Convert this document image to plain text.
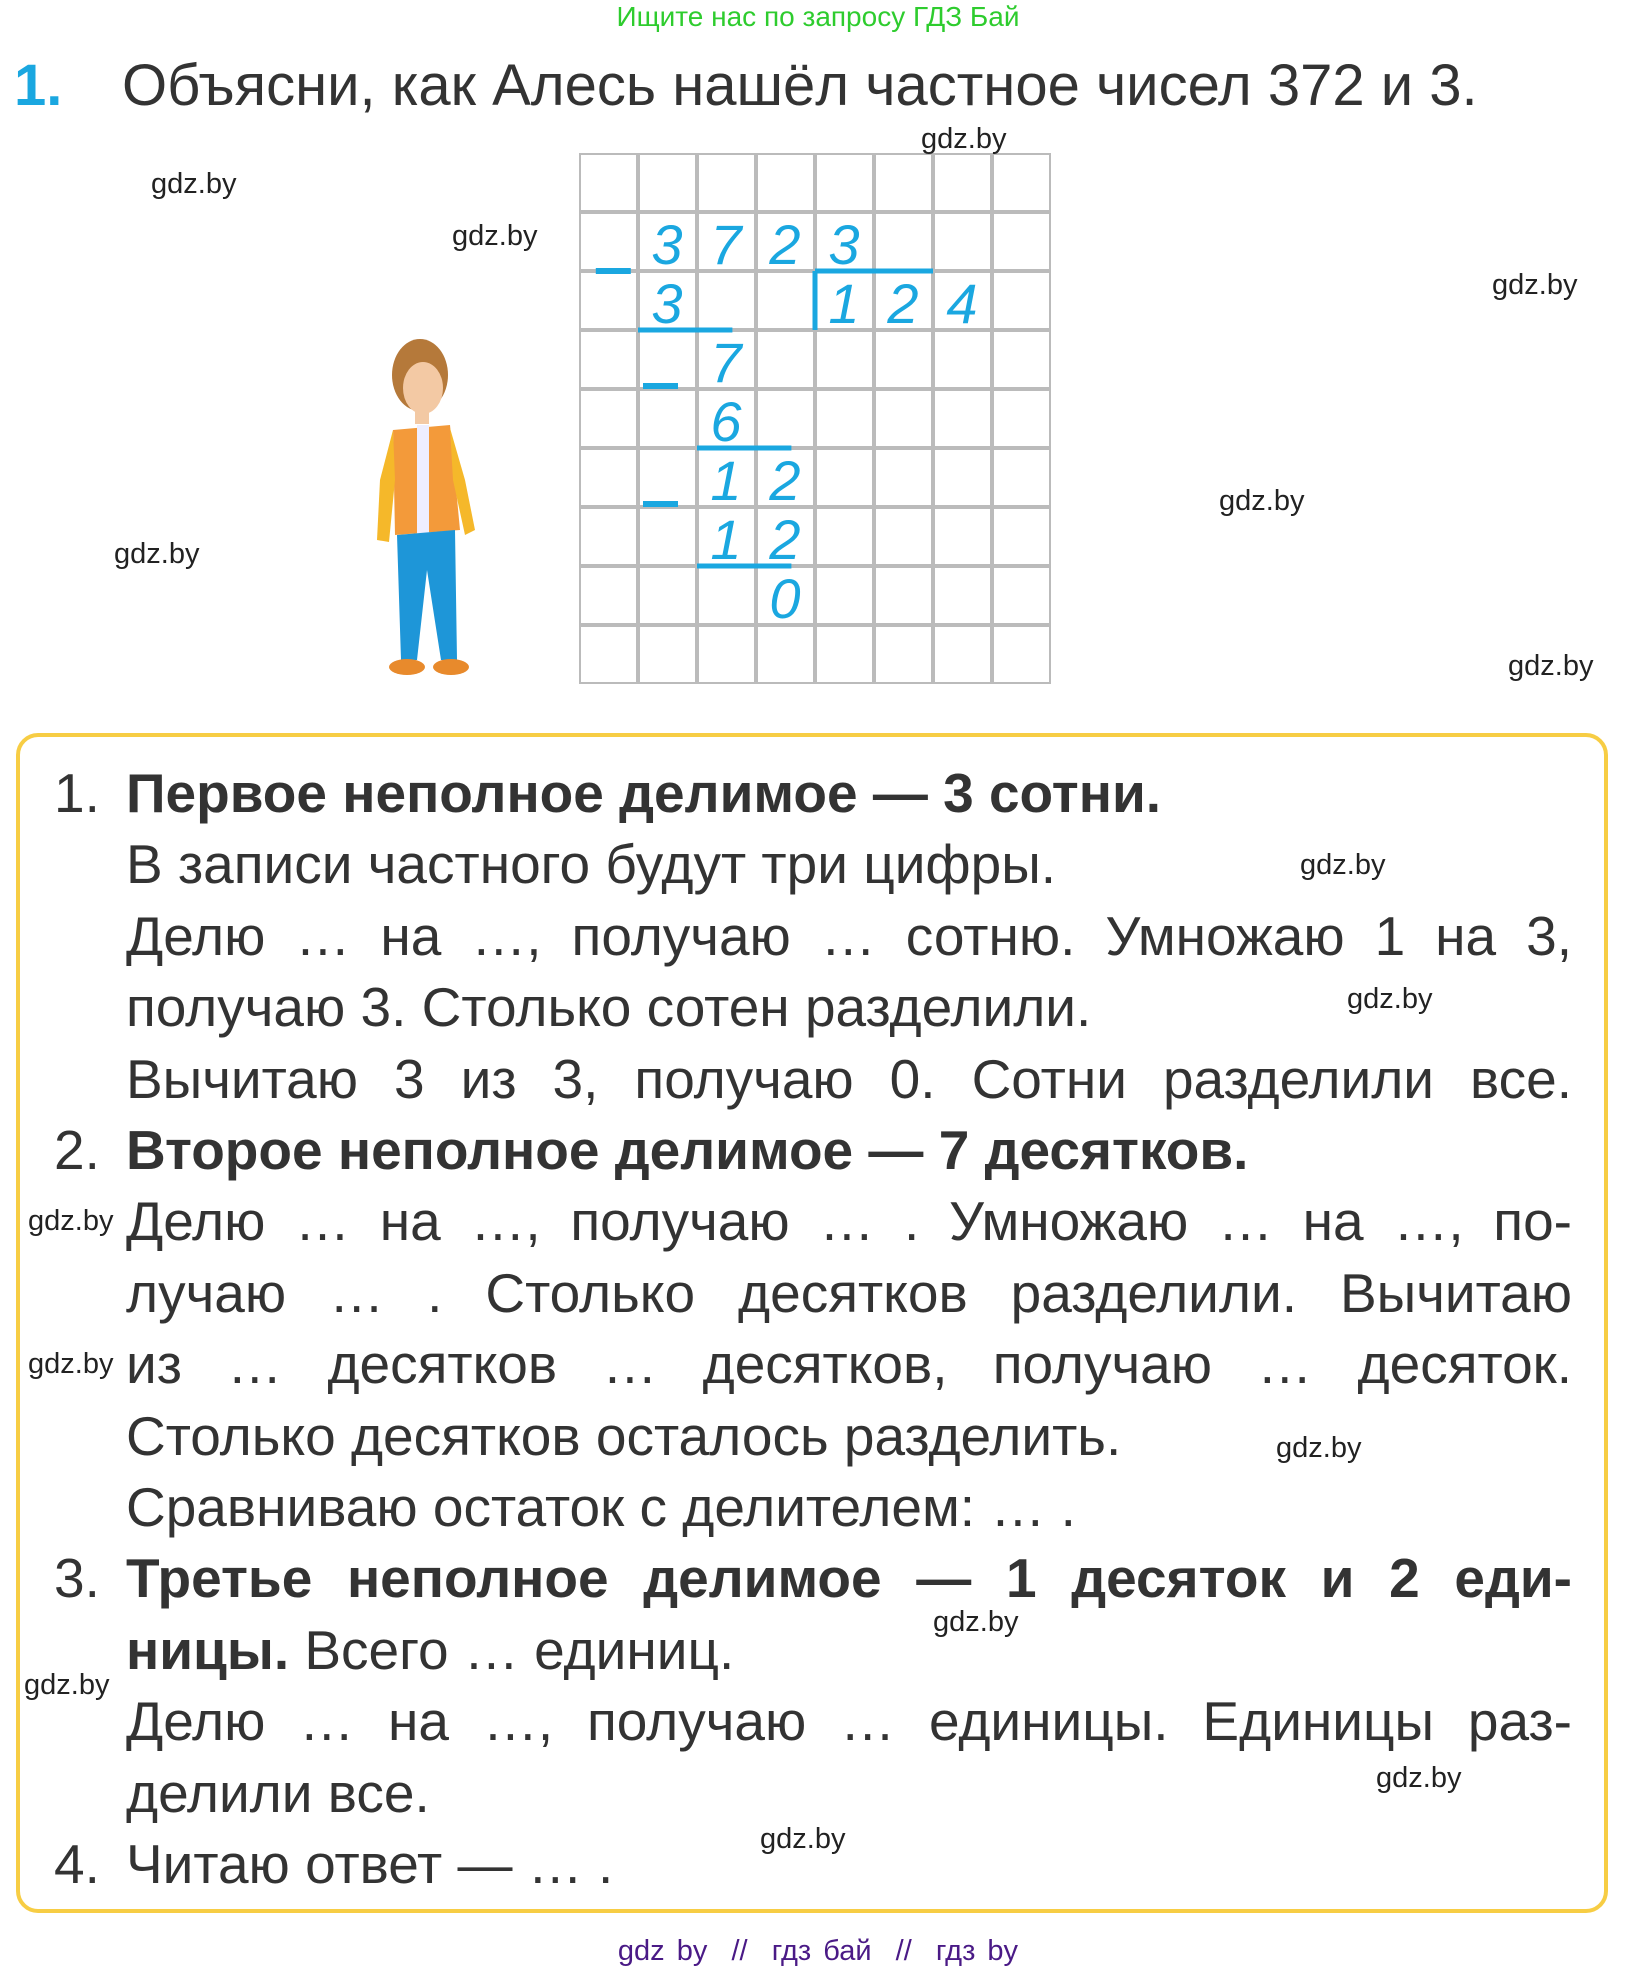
Ищите нас по запросу ГДЗ Бай
1. Объясни, как Алесь нашёл частное чисел 372 и 3.
3 7 2 3
3	1 2 4
7
6
1 2
1 2
0
1. Первое неполное делимое — 3 сотни.
В записи частного будут три цифры.
Делю … на …, получаю … сотню. Умножаю 1 на 3,
получаю 3. Столько сотен разделили.
Вычитаю 3 из 3, получаю 0. Сотни разделили все.
2. Второе неполное делимое — 7 десятков.
Делю … на …, получаю … . Умножаю … на …, по-
лучаю … . Столько десятков разделили. Вычитаю
из … десятков … десятков, получаю … десяток.
Столько десятков осталось разделить.
Сравниваю остаток с делителем: … .
3. Третье неполное делимое — 1 десяток и 2 еди-
ницы. Всего … единиц.
Делю … на …, получаю … единицы. Единицы раз-
делили все.
4. Читаю ответ — … .
gdz.by
gdz.by
gdz.by
gdz.by
gdz.by
gdz.by
gdz.by
gdz.by
gdz.by
gdz.by
gdz.by
gdz.by
gdz.by
gdz.by
gdz.by
gdz.by
gdz by  //  гдз бай  //  гдз by
